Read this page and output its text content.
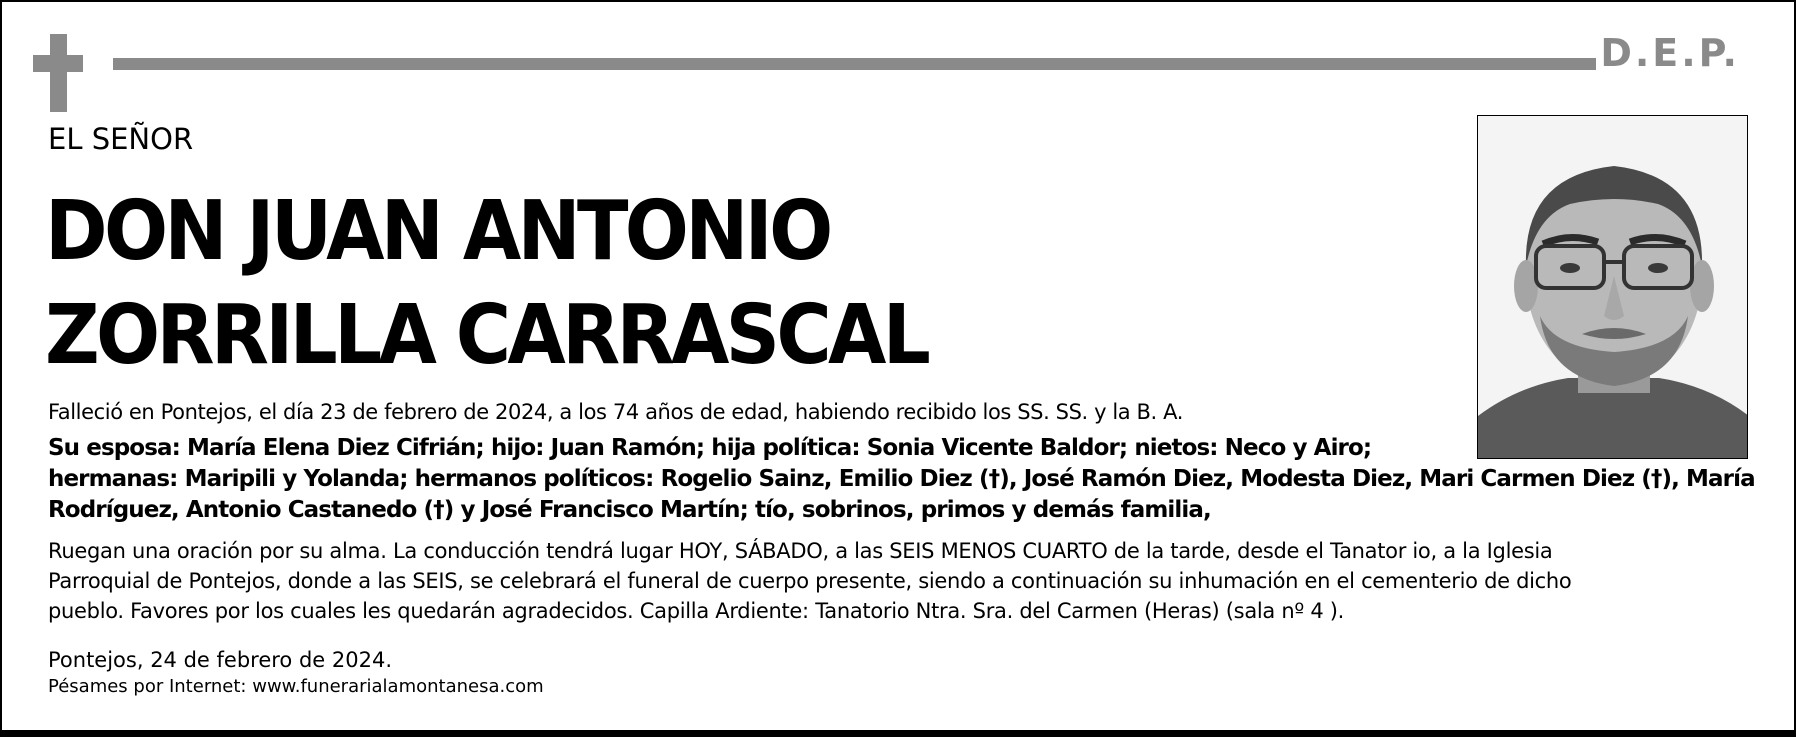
D.E.P.
EL SEÑOR
DON JUAN ANTONIO
ZORRILLA CARRASCAL
Falleció en Pontejos, el día 23 de febrero de 2024, a los 74 años de edad, habiendo recibido los SS. SS. y la B. A.
Su esposa: María Elena Diez Cifrián; hijo: Juan Ramón; hija política: Sonia Vicente Baldor; nietos: Neco y Airo;
hermanas: Maripili y Yolanda; hermanos políticos: Rogelio Sainz, Emilio Diez (†), José Ramón Diez, Modesta Diez, Mari Carmen Diez (†), María
Rodríguez, Antonio Castanedo (†) y José Francisco Martín; tío, sobrinos, primos y demás familia,
Ruegan una oración por su alma. La conducción tendrá lugar HOY, SÁBADO, a las SEIS MENOS CUARTO de la tarde, desde el Tanator io, a la Iglesia
Parroquial de Pontejos, donde a las SEIS, se celebrará el funeral de cuerpo presente, siendo a continuación su inhumación en el cementerio de dicho
pueblo. Favores por los cuales les quedarán agradecidos. Capilla Ardiente: Tanatorio Ntra. Sra. del Carmen (Heras) (sala nº 4 ).
Pontejos, 24 de febrero de 2024.
Pésames por Internet: www.funerarialamontanesa.com
